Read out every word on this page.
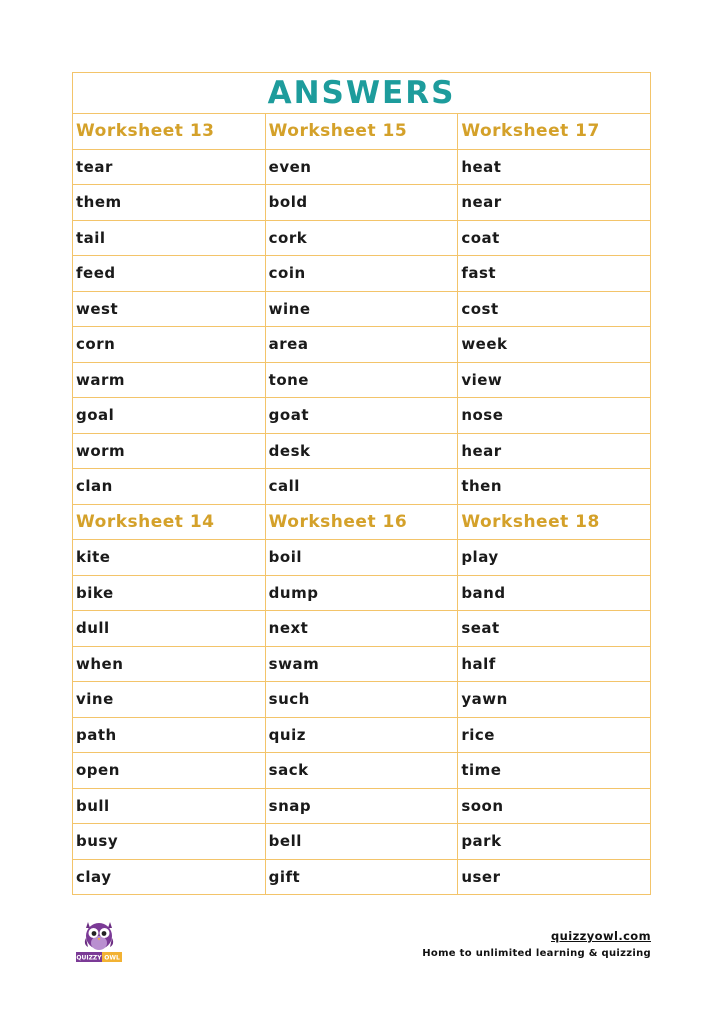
ANSWERS		
Worksheet 13	Worksheet 15	Worksheet 17
tear	even	heat
them	bold	near
tail	cork	coat
feed	coin	fast
west	wine	cost
corn	area	week
warm	tone	view
goal	goat	nose
worm	desk	hear
clan	call	then
Worksheet 14	Worksheet 16	Worksheet 18
kite	boil	play
bike	dump	band
dull	next	seat
when	swam	half
vine	such	yawn
path	quiz	rice
open	sack	time
bull	snap	soon
busy	bell	park
clay	gift	user
QUIZZY OWL
quizzyowl.com
Home to unlimited learning & quizzing
